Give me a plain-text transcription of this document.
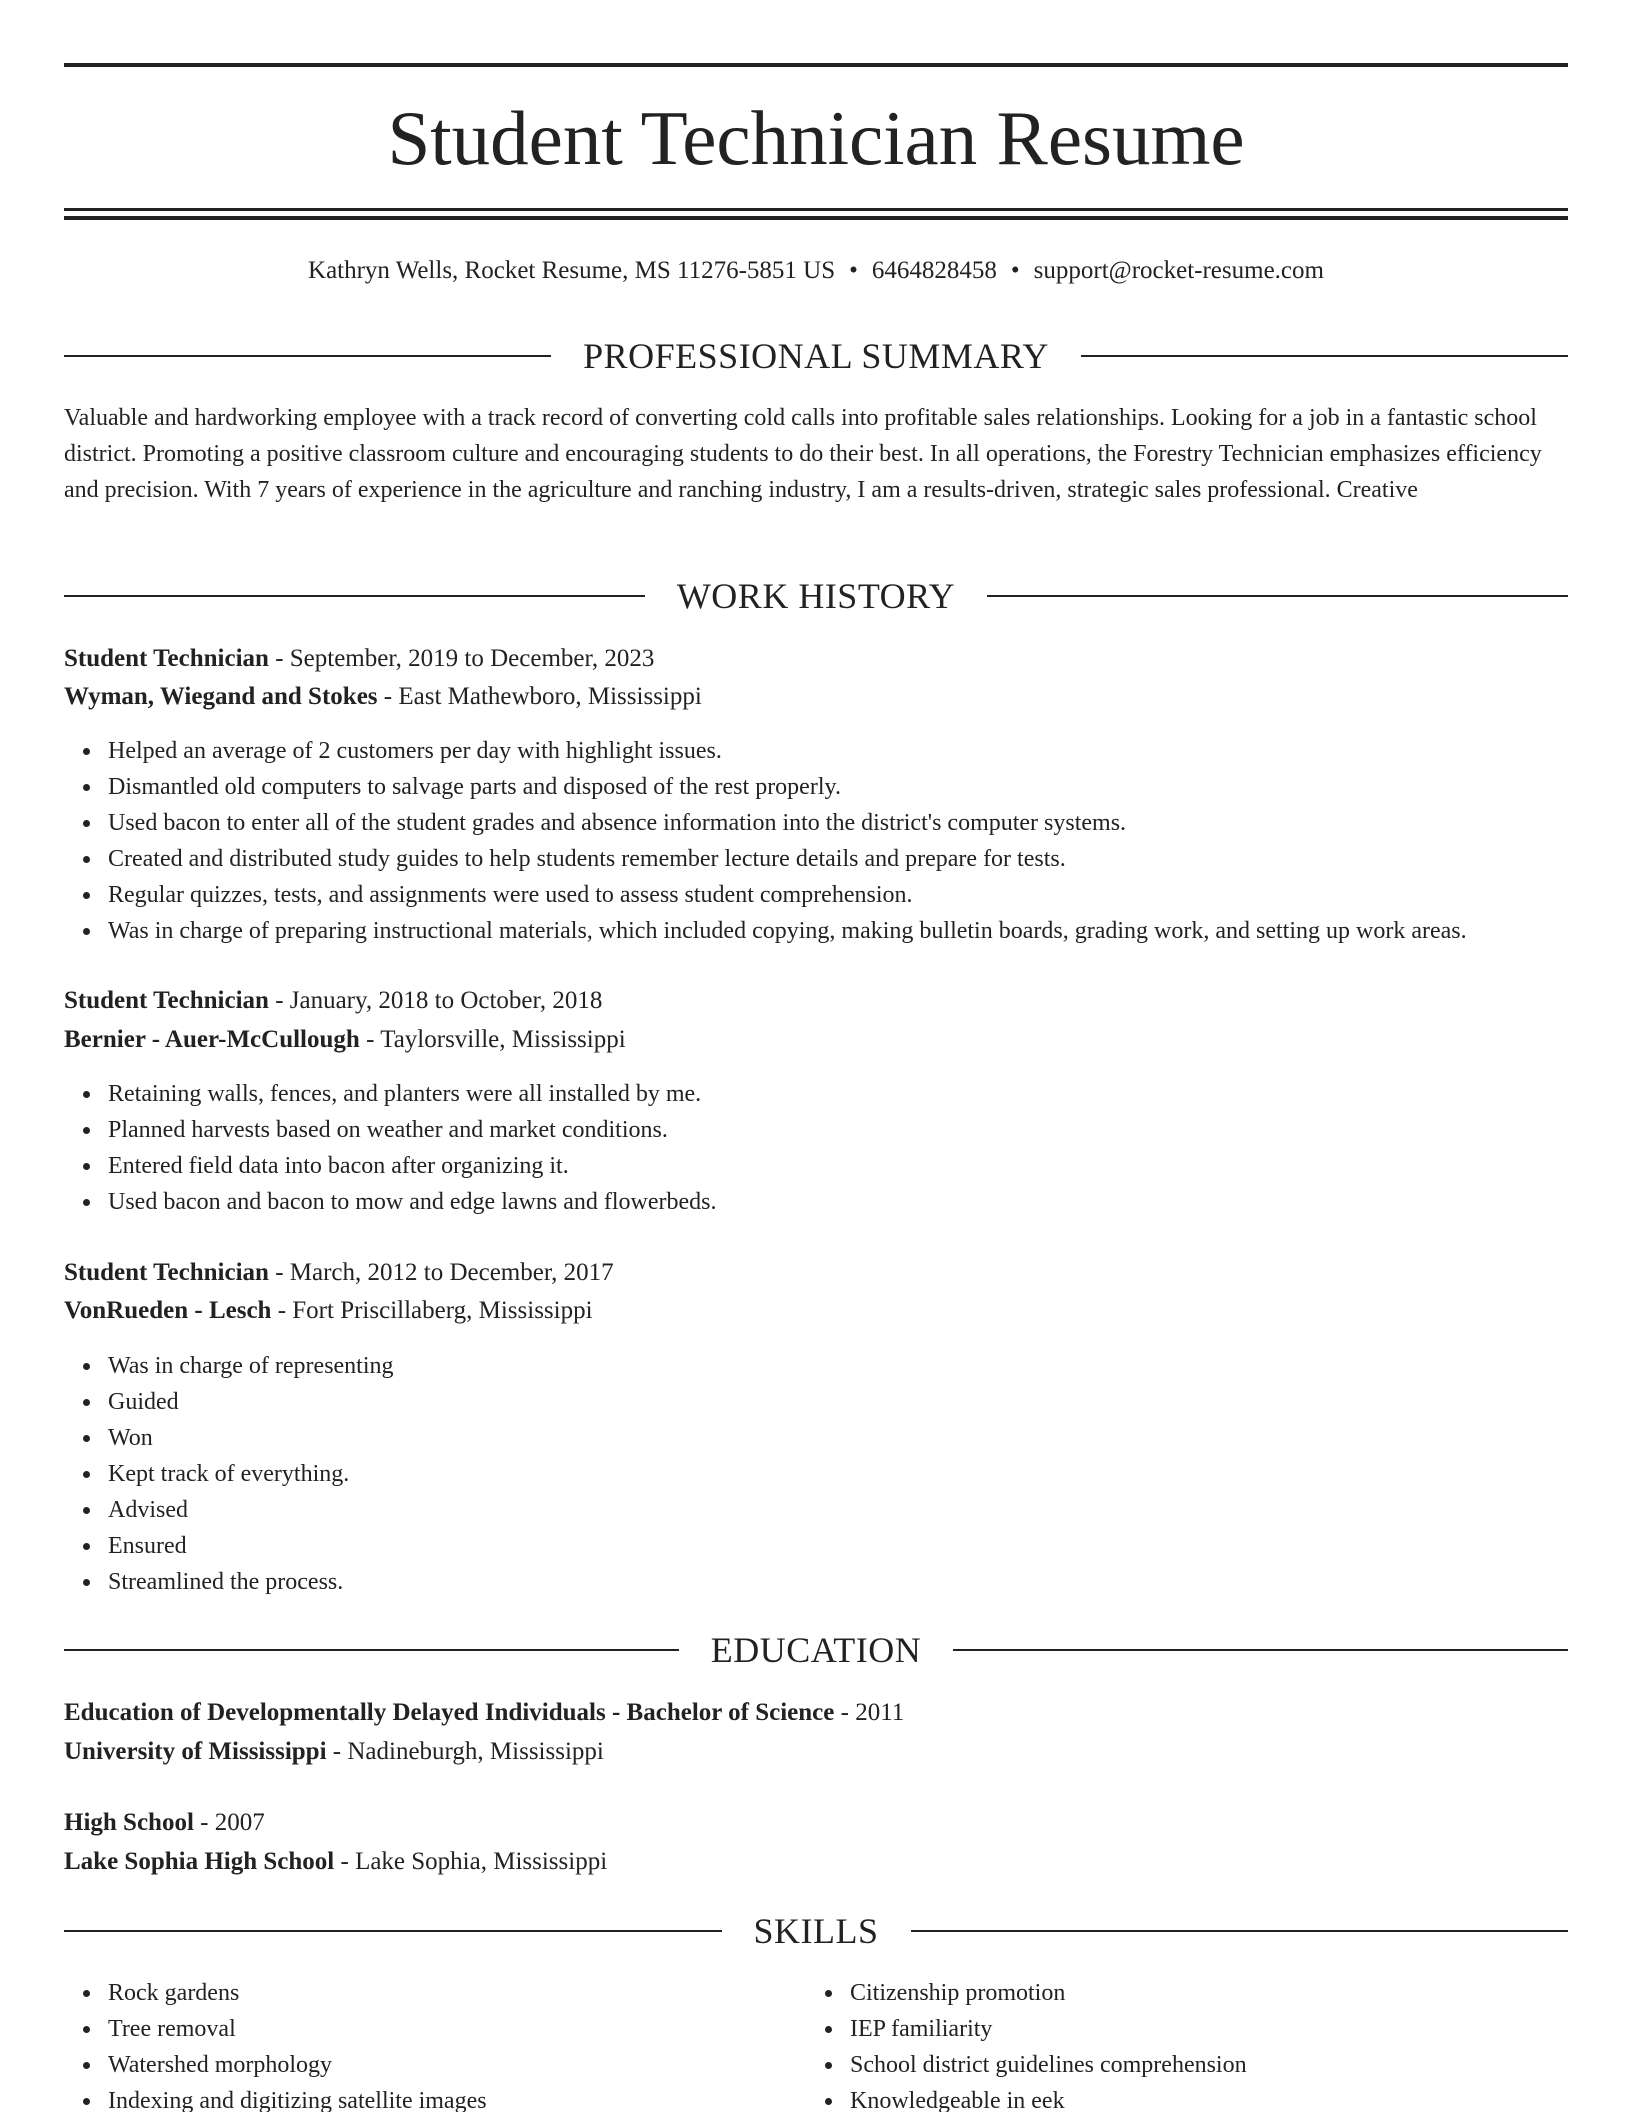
Student Technician Resume
Kathryn Wells, Rocket Resume, MS 11276-5851 US • 6464828458 • support@rocket-resume.com
PROFESSIONAL SUMMARY

Valuable and hardworking employee with a track record of converting cold calls into profitable sales relationships. Looking for a job in a fantastic school district. Promoting a positive classroom culture and encouraging students to do their best. In all operations, the Forestry Technician emphasizes efficiency and precision. With 7 years of experience in the agriculture and ranching industry, I am a results-driven, strategic sales professional. Creative

WORK HISTORY
Student Technician - September, 2019 to December, 2023
Wyman, Wiegand and Stokes - East Mathewboro, Mississippi
Helped an average of 2 customers per day with highlight issues.
Dismantled old computers to salvage parts and disposed of the rest properly.
Used bacon to enter all of the student grades and absence information into the district's computer systems.
Created and distributed study guides to help students remember lecture details and prepare for tests.
Regular quizzes, tests, and assignments were used to assess student comprehension.
Was in charge of preparing instructional materials, which included copying, making bulletin boards, grading work, and setting up work areas.
Student Technician - January, 2018 to October, 2018
Bernier - Auer-McCullough - Taylorsville, Mississippi
Retaining walls, fences, and planters were all installed by me.
Planned harvests based on weather and market conditions.
Entered field data into bacon after organizing it.
Used bacon and bacon to mow and edge lawns and flowerbeds.
Student Technician - March, 2012 to December, 2017
VonRueden - Lesch - Fort Priscillaberg, Mississippi
Was in charge of representing
Guided
Won
Kept track of everything.
Advised
Ensured
Streamlined the process.
EDUCATION
Education of Developmentally Delayed Individuals - Bachelor of Science - 2011
University of Mississippi - Nadineburgh, Mississippi
High School - 2007
Lake Sophia High School - Lake Sophia, Mississippi
SKILLS
Rock gardens
Tree removal
Watershed morphology
Indexing and digitizing satellite images
Citizenship promotion
IEP familiarity
School district guidelines comprehension
Knowledgeable in eek
